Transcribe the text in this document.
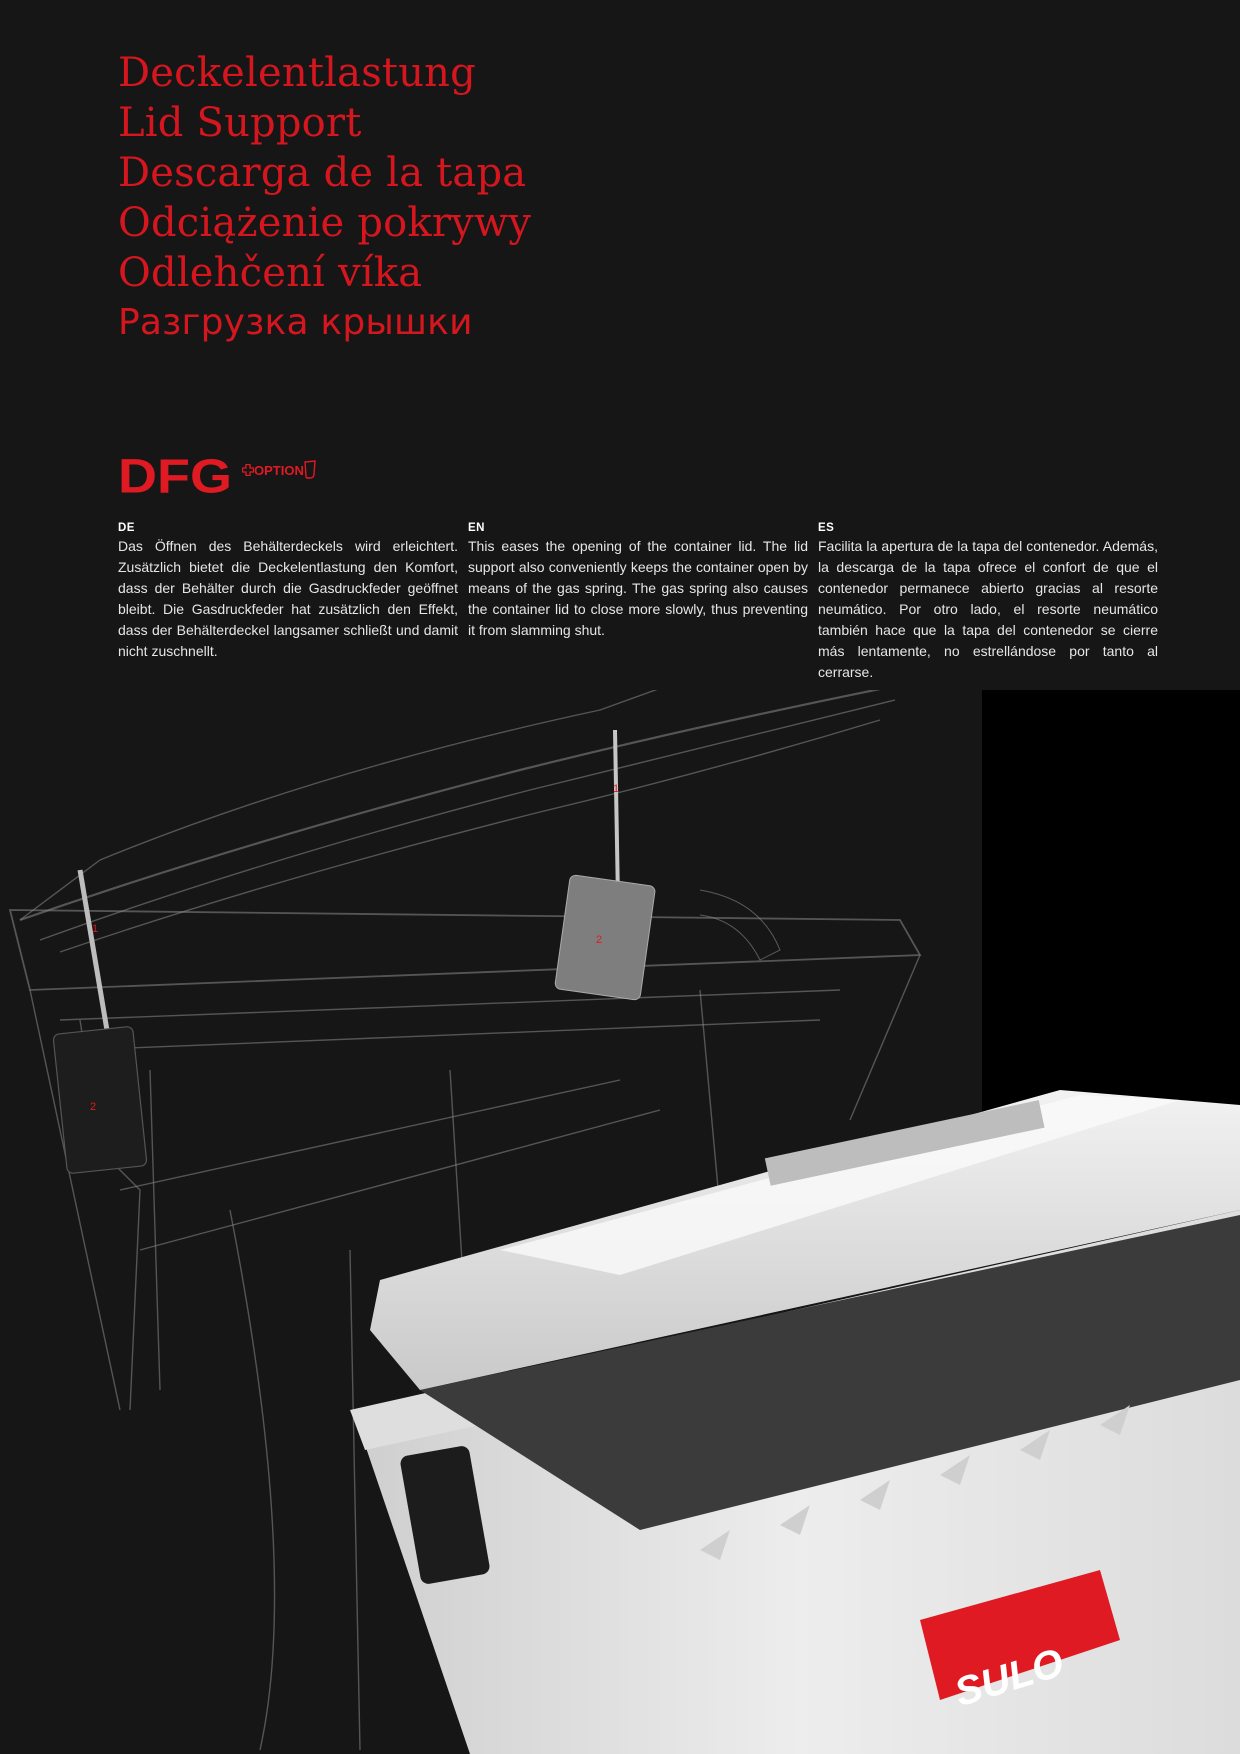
Deckelentlastung
Lid Support
Descarga de la tapa
Odciążenie pokrywy
Odlehčení víka
Разгрузка крышки
DFG OPTION
DE
Das Öffnen des Behälterdeckels wird erleichtert. Zusätzlich bietet die Deckelentlastung den Komfort, dass der Behälter durch die Gasdruckfeder geöffnet bleibt. Die Gasdruckfeder hat zusätzlich den Effekt, dass der Behälterdeckel langsamer schließt und damit nicht zuschnellt.
EN
This eases the opening of the container lid. The lid support also conveniently keeps the container open by means of the gas spring. The gas spring also causes the container lid to close more slowly, thus preventing it from slamming shut.
ES
Facilita la apertura de la tapa del contenedor. Además, la descarga de la tapa ofrece el confort de que el contenedor permanece abierto gracias al resorte neumático. Por otro lado, el resorte neumático también hace que la tapa del contenedor se cierre más lentamente, no estrellándose por tanto al cerrarse.
1
2
1
2
SULO
